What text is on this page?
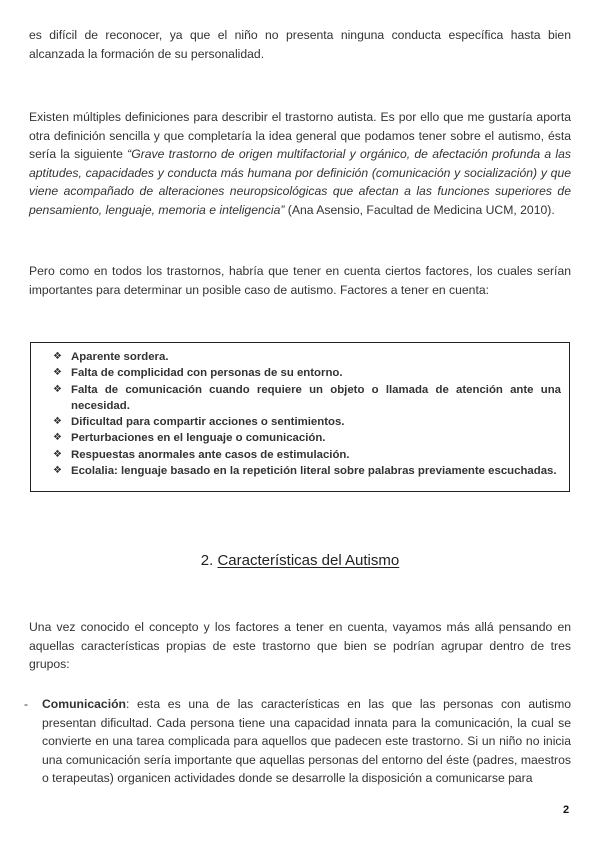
es difícil de reconocer, ya que el niño no presenta ninguna conducta específica hasta bien alcanzada la formación de su personalidad.

Existen múltiples definiciones para describir el trastorno autista. Es por ello que me gustaría aporta otra definición sencilla y que completaría la idea general que podamos tener sobre el autismo, ésta sería la siguiente “Grave trastorno de origen multifactorial y orgánico, de afectación profunda a las aptitudes, capacidades y conducta más humana por definición (comunicación y socialización) y que viene acompañado de alteraciones neuropsicológicas que afectan a las funciones superiores de pensamiento, lenguaje, memoria e inteligencia” (Ana Asensio, Facultad de Medicina UCM, 2010).

Pero como en todos los trastornos, habría que tener en cuenta ciertos factores, los cuales serían importantes para determinar un posible caso de autismo. Factores a tener en cuenta:

❖ Aparente sordera.
❖ Falta de complicidad con personas de su entorno.
❖ Falta de comunicación cuando requiere un objeto o llamada de atención ante una necesidad.
❖ Dificultad para compartir acciones o sentimientos.
❖ Perturbaciones en el lenguaje o comunicación.
❖ Respuestas anormales ante casos de estimulación.
❖ Ecolalia: lenguaje basado en la repetición literal sobre palabras previamente escuchadas.
2. Características del Autismo

Una vez conocido el concepto y los factores a tener en cuenta, vayamos más allá pensando en aquellas características propias de este trastorno que bien se podrían agrupar dentro de tres grupos:

- Comunicación: esta es una de las características en las que las personas con autismo presentan dificultad. Cada persona tiene una capacidad innata para la comunicación, la cual se convierte en una tarea complicada para aquellos que padecen este trastorno. Si un niño no inicia una comunicación sería importante que aquellas personas del entorno del éste (padres, maestros o terapeutas) organicen actividades donde se desarrolle la disposición a comunicarse para

2
